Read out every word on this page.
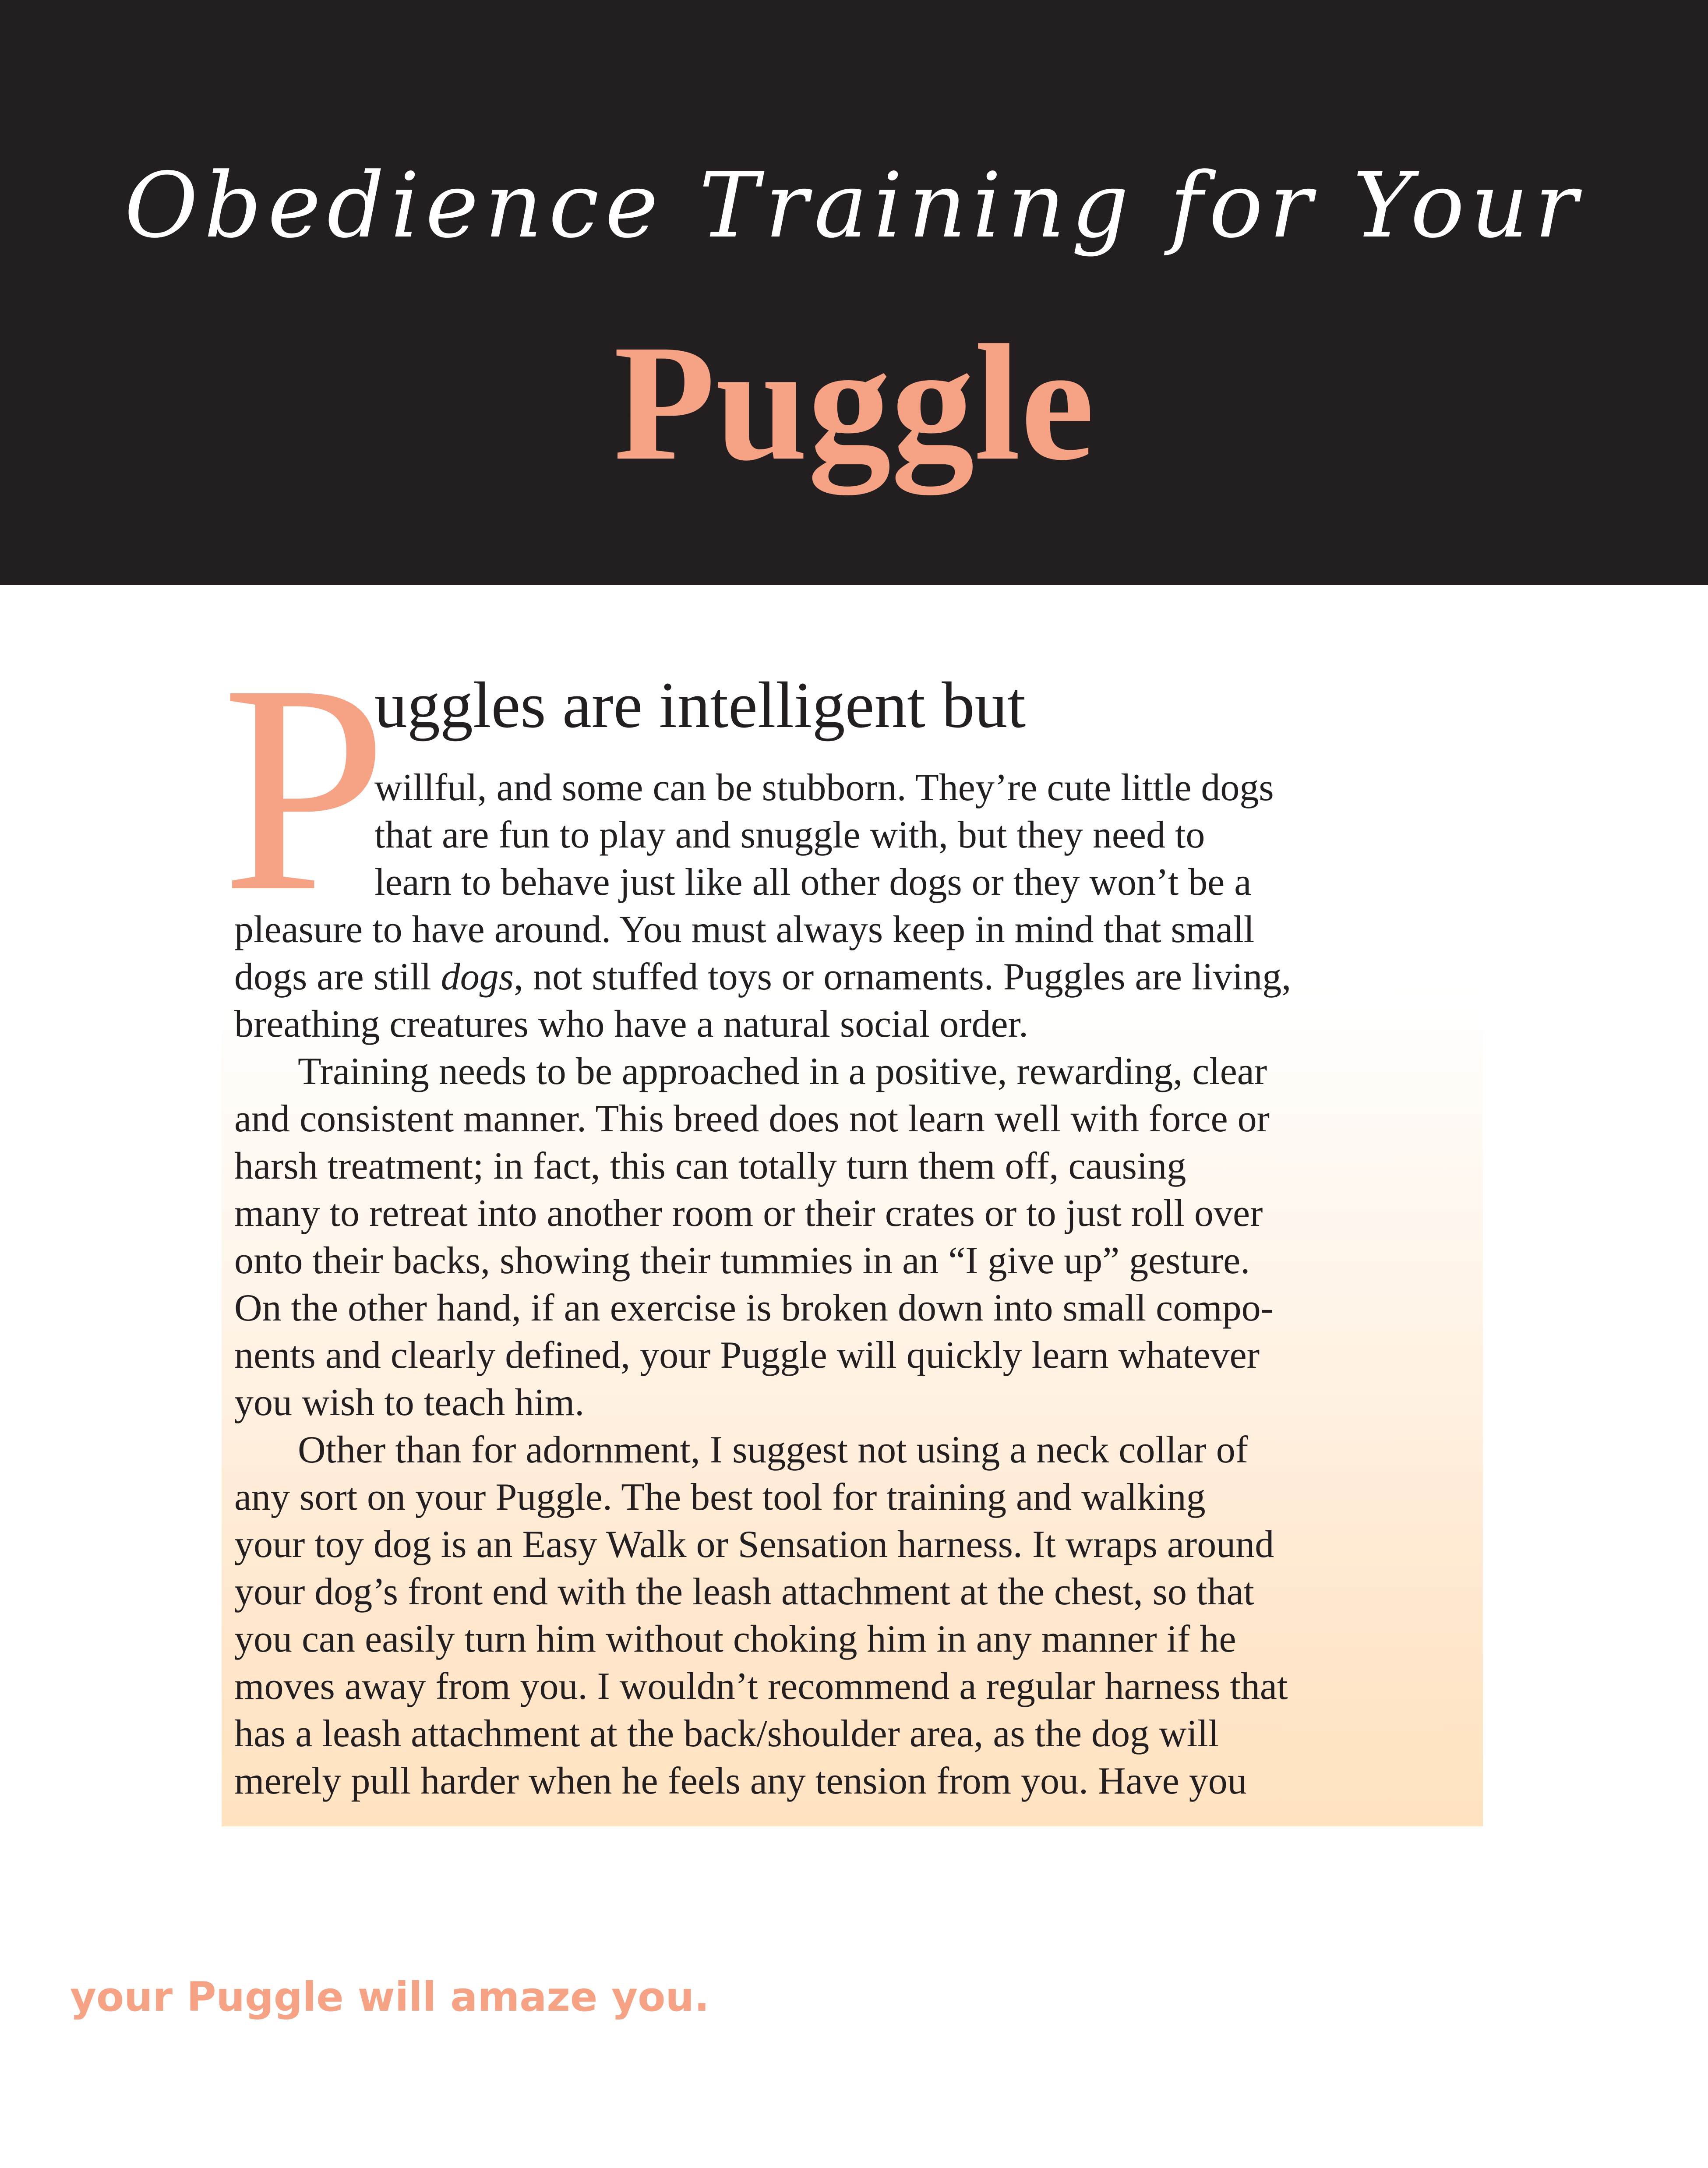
Obedience Training for Your
Puggle
P
uggles are intelligent but
willful, and some can be stubborn. They’re cute little dogs
that are fun to play and snuggle with, but they need to
learn to behave just like all other dogs or they won’t be a
pleasure to have around. You must always keep in mind that small
dogs are still dogs, not stuffed toys or ornaments. Puggles are living,
breathing creatures who have a natural social order.
Training needs to be approached in a positive, rewarding, clear
and consistent manner. This breed does not learn well with force or
harsh treatment; in fact, this can totally turn them off, causing
many to retreat into another room or their crates or to just roll over
onto their backs, showing their tummies in an “I give up” gesture.
On the other hand, if an exercise is broken down into small compo-
nents and clearly defined, your Puggle will quickly learn whatever
you wish to teach him.
Other than for adornment, I suggest not using a neck collar of
any sort on your Puggle. The best tool for training and walking
your toy dog is an Easy Walk or Sensation harness. It wraps around
your dog’s front end with the leash attachment at the chest, so that
you can easily turn him without choking him in any manner if he
moves away from you. I wouldn’t recommend a regular harness that
has a leash attachment at the back/shoulder area, as the dog will
merely pull harder when he feels any tension from you. Have you
your Puggle will amaze you.
